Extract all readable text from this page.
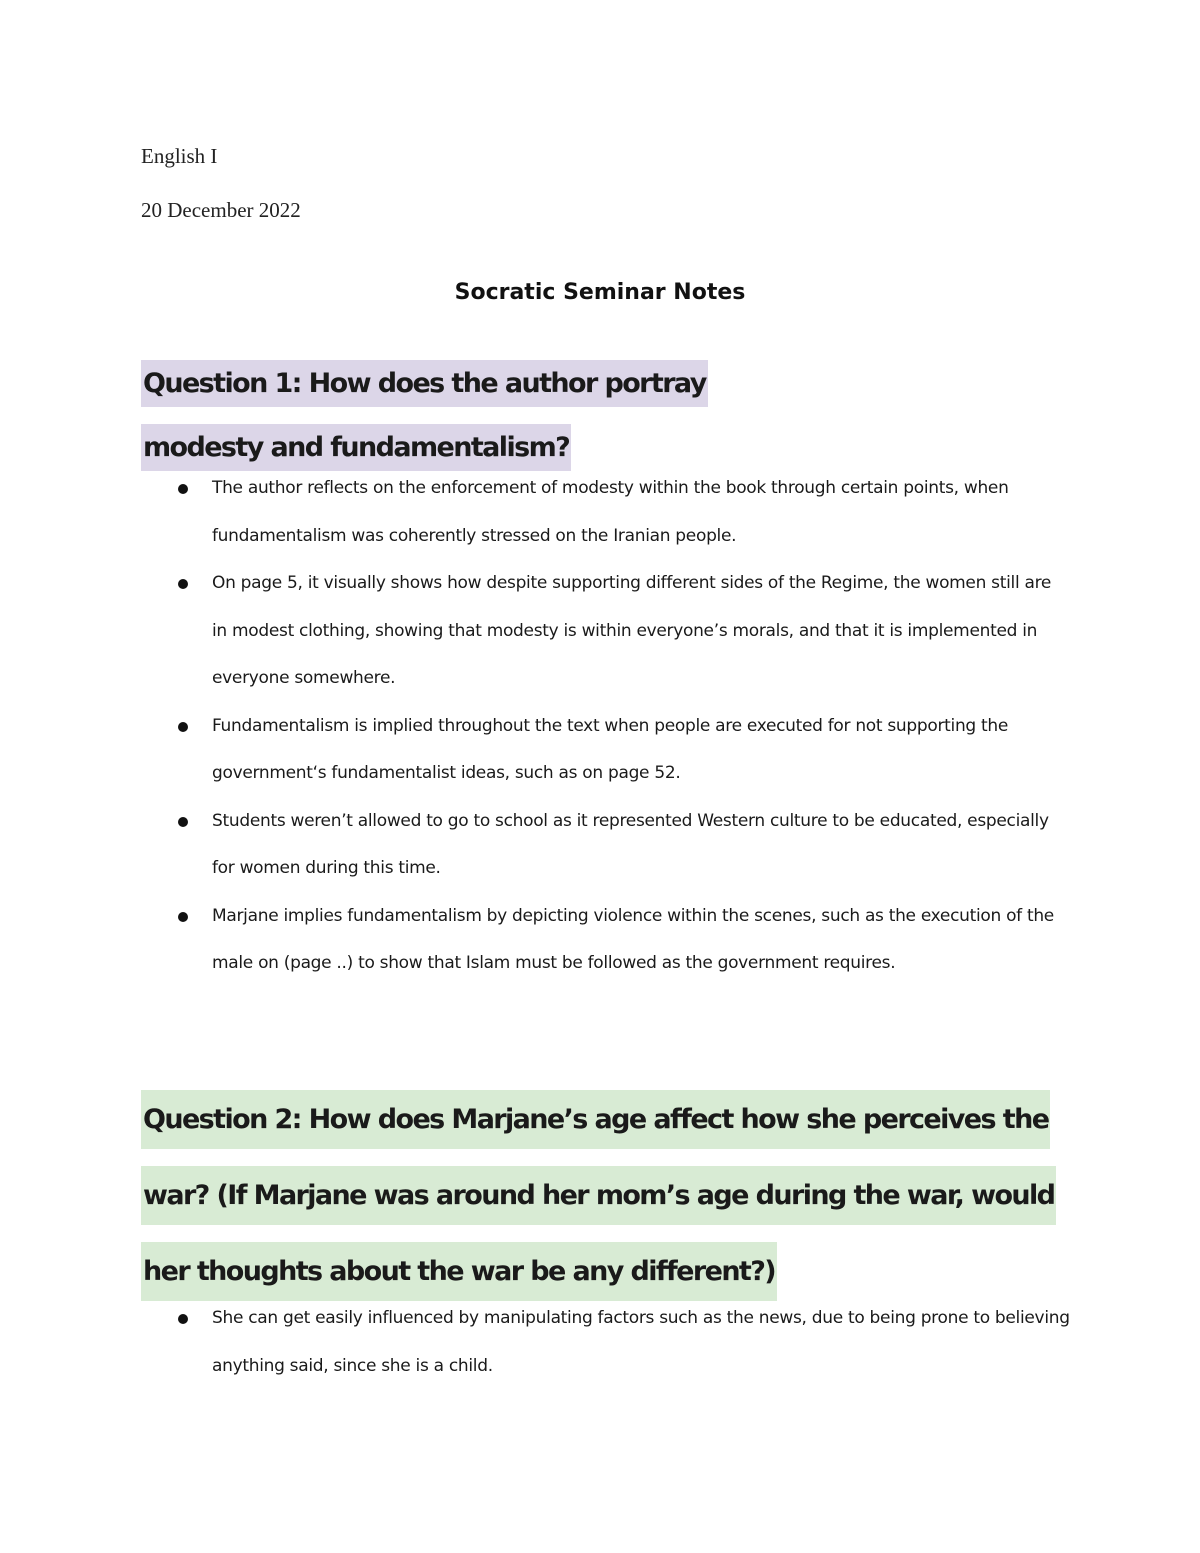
English I

20 December 2022

Socratic Seminar Notes
Question 1: How does the author portray modesty and fundamentalism?
The author reflects on the enforcement of modesty within the book through certain points, when fundamentalism was coherently stressed on the Iranian people.
On page 5, it visually shows how despite supporting different sides of the Regime, the women still are in modest clothing, showing that modesty is within everyone’s morals, and that it is implemented in everyone somewhere.
Fundamentalism is implied throughout the text when people are executed for not supporting the government‘s fundamentalist ideas, such as on page 52.
Students weren’t allowed to go to school as it represented Western culture to be educated, especially for women during this time.
Marjane implies fundamentalism by depicting violence within the scenes, such as the execution of the male on (page ..) to show that Islam must be followed as the government requires.
Question 2: How does Marjane’s age affect how she perceives the war? (If Marjane was around her mom’s age during the war, would her thoughts about the war be any different?)
She can get easily influenced by manipulating factors such as the news, due to being prone to believing anything said, since she is a child.
